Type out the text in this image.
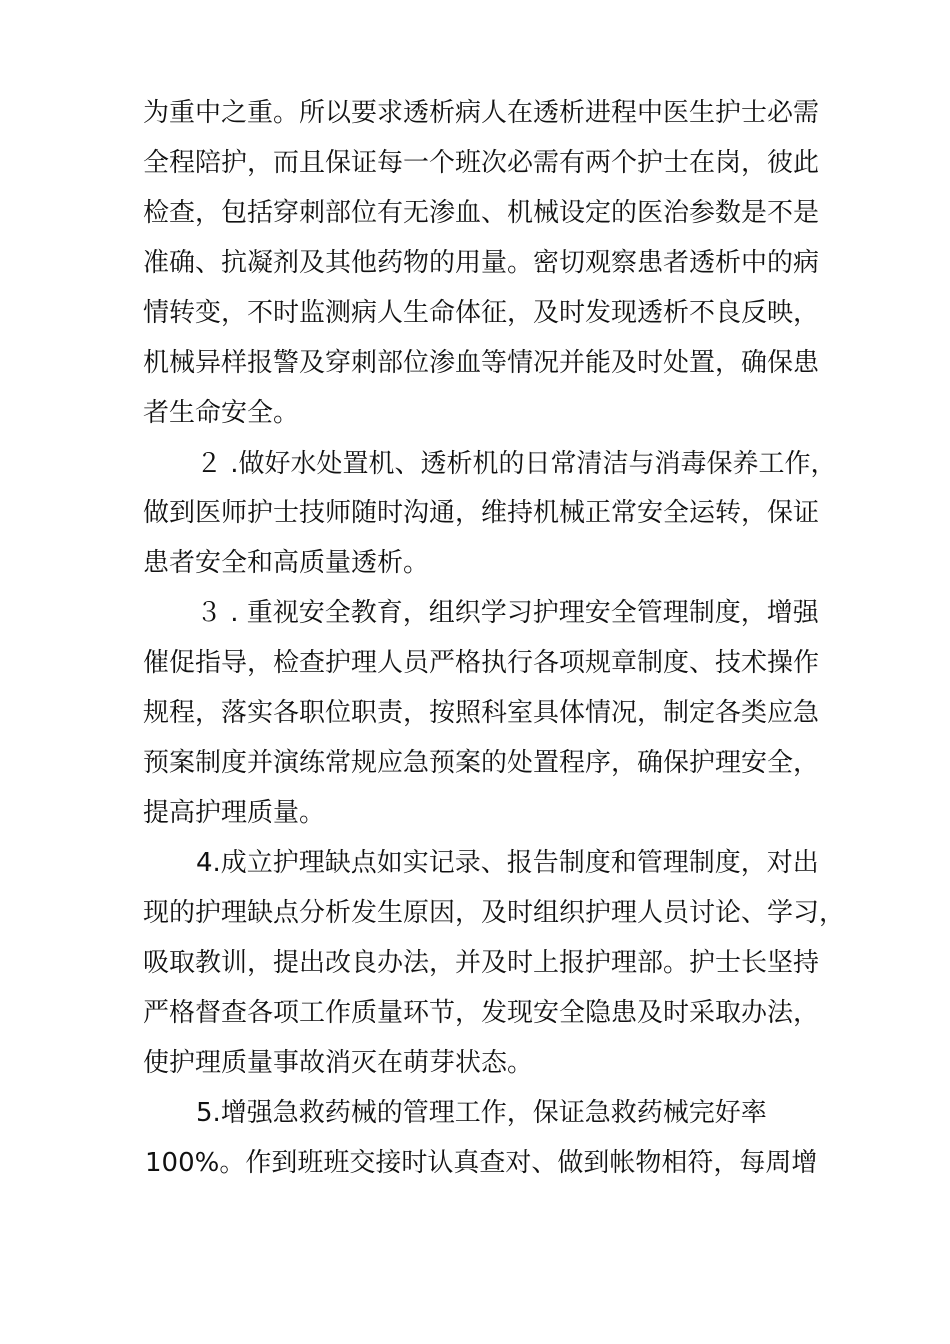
为重中之重。所以要求透析病人在透析进程中医生护士必需
全程陪护，而且保证每一个班次必需有两个护士在岗，彼此
检查，包括穿刺部位有无渗血、机械设定的医治参数是不是
准确、抗凝剂及其他药物的用量。密切观察患者透析中的病
情转变，不时监测病人生命体征，及时发现透析不良反映，
机械异样报警及穿刺部位渗血等情况并能及时处置，确保患
者生命安全。
２ .做好水处置机、透析机的日常清洁与消毒保养工作，
做到医师护士技师随时沟通，维持机械正常安全运转，保证
患者安全和高质量透析。
３ . 重视安全教育，组织学习护理安全管理制度，增强
催促指导，检查护理人员严格执行各项规章制度、技术操作
规程，落实各职位职责，按照科室具体情况，制定各类应急
预案制度并演练常规应急预案的处置程序，确保护理安全，
提高护理质量。
4.成立护理缺点如实记录、报告制度和管理制度，对出
现的护理缺点分析发生原因，及时组织护理人员讨论、学习，
吸取教训，提出改良办法，并及时上报护理部。护士长坚持
严格督查各项工作质量环节，发现安全隐患及时采取办法，
使护理质量事故消灭在萌芽状态。
5.增强急救药械的管理工作，保证急救药械完好率
100%。作到班班交接时认真查对、做到帐物相符，每周增
